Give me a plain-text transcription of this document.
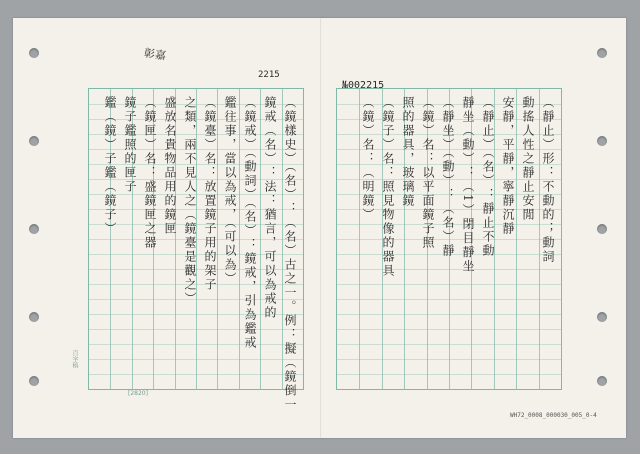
彰嘉
2215
№002215
[2820]
百字稿
WH72_0008_000030_005_0-4
（鏡樣史）（名）：（名）古之一。例：擬（鏡倒一
鏡戒（名）：法：猶言，可以為戒的
（鏡戒）（動詞）（名）：鏡戒，引為鑑戒
鑑往事，當以為戒，（可以為）
（鏡臺）名：放置鏡子用的架子
之類，兩不見人之（鏡臺是觀之）
盛放名貴物品用的鏡匣
（鏡匣）名：盛鏡匣之器
鏡子鑑照的匣子
鑑（鏡）子鑑（鏡子）	（靜止）形：不動的；動詞
動搖人性之靜止安閒
安靜，平靜，寧靜沉靜
（靜止）（名）：靜止不動
靜坐（動）：（1）閉目靜坐
（靜坐）（動）：（名）靜
（鏡）名：以平面鏡子照
照的器具，玻璃鏡
（鏡子）名：照見物像的器具
（鏡）名：（明鏡）
